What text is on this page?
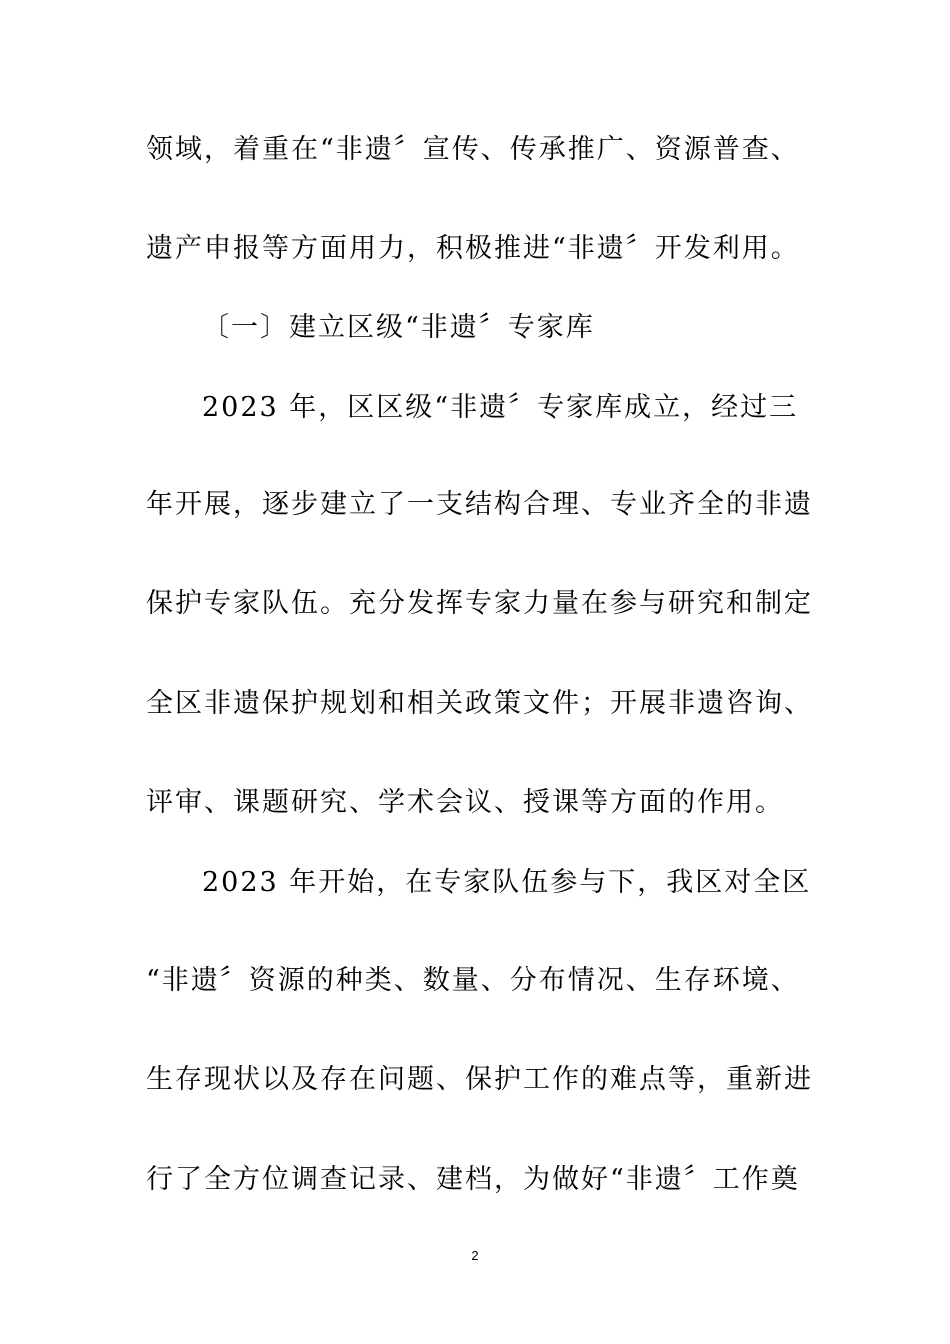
领域，着重在“非遗〞宣传、传承推广、资源普查、
遗产申报等方面用力，积极推进“非遗〞开发利用。
〔一〕建立区级“非遗〞专家库
2023 年，区区级“非遗〞专家库成立，经过三
年开展，逐步建立了一支结构合理、专业齐全的非遗
保护专家队伍。充分发挥专家力量在参与研究和制定
全区非遗保护规划和相关政策文件；开展非遗咨询、
评审、课题研究、学术会议、授课等方面的作用。
2023 年开始，在专家队伍参与下，我区对全区
“非遗〞资源的种类、数量、分布情况、生存环境、
生存现状以及存在问题、保护工作的难点等，重新进
行了全方位调查记录、建档，为做好“非遗〞工作奠
2
